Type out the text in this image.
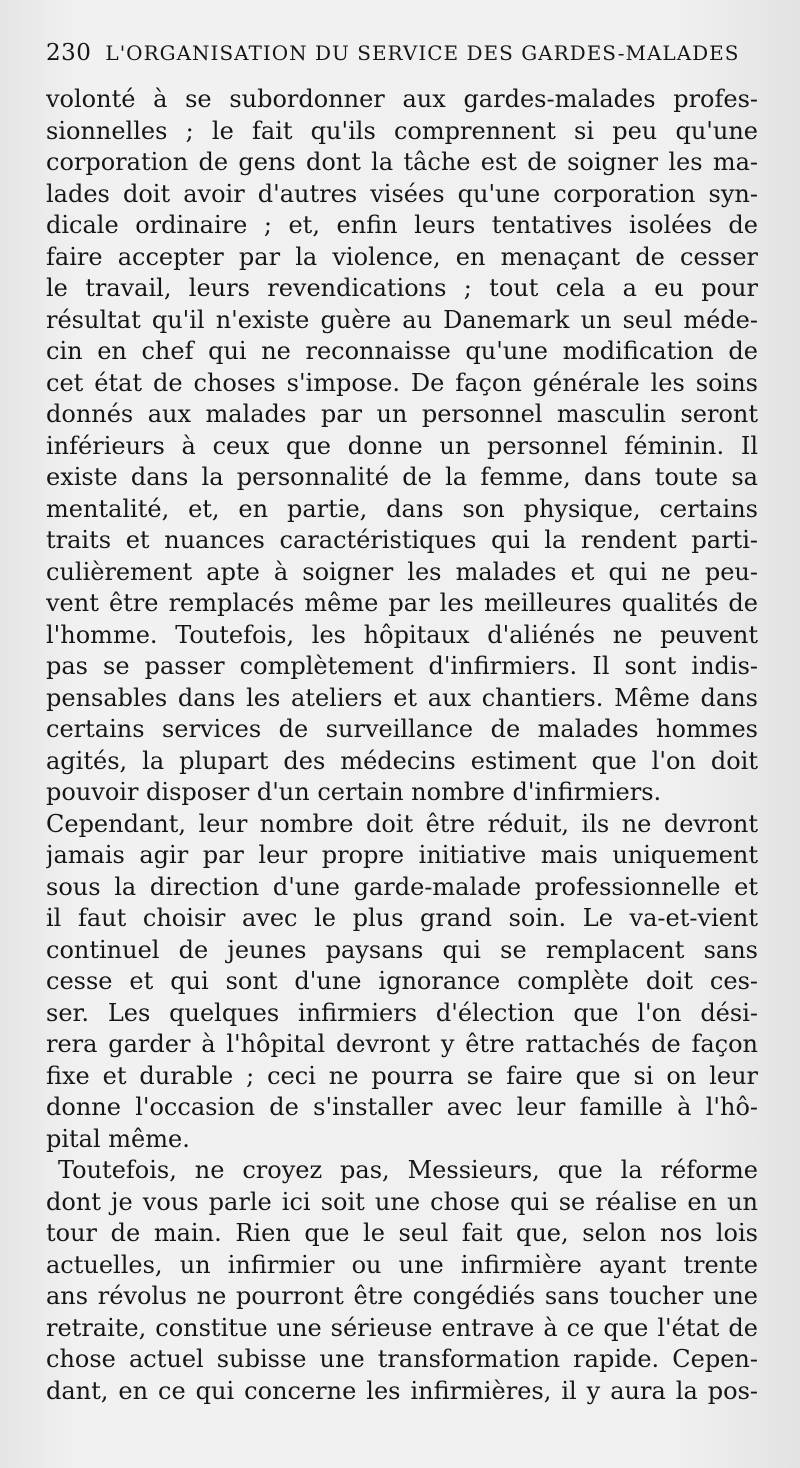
230 L'ORGANISATION DU SERVICE DES GARDES-MALADES
volonté à se subordonner aux gardes-malades profes-
sionnelles ; le fait qu'ils comprennent si peu qu'une
corporation de gens dont la tâche est de soigner les ma-
lades doit avoir d'autres visées qu'une corporation syn-
dicale ordinaire ; et, enfin leurs tentatives isolées de
faire accepter par la violence, en menaçant de cesser
le travail, leurs revendications ; tout cela a eu pour
résultat qu'il n'existe guère au Danemark un seul méde-
cin en chef qui ne reconnaisse qu'une modification de
cet état de choses s'impose. De façon générale les soins
donnés aux malades par un personnel masculin seront
inférieurs à ceux que donne un personnel féminin. Il
existe dans la personnalité de la femme, dans toute sa
mentalité, et, en partie, dans son physique, certains
traits et nuances caractéristiques qui la rendent parti-
culièrement apte à soigner les malades et qui ne peu-
vent être remplacés même par les meilleures qualités de
l'homme. Toutefois, les hôpitaux d'aliénés ne peuvent
pas se passer complètement d'infirmiers. Il sont indis-
pensables dans les ateliers et aux chantiers. Même dans
certains services de surveillance de malades hommes
agités, la plupart des médecins estiment que l'on doit
pouvoir disposer d'un certain nombre d'infirmiers.
Cependant, leur nombre doit être réduit, ils ne devront
jamais agir par leur propre initiative mais uniquement
sous la direction d'une garde-malade professionnelle et
il faut choisir avec le plus grand soin. Le va-et-vient
continuel de jeunes paysans qui se remplacent sans
cesse et qui sont d'une ignorance complète doit ces-
ser. Les quelques infirmiers d'élection que l'on dési-
rera garder à l'hôpital devront y être rattachés de façon
fixe et durable ; ceci ne pourra se faire que si on leur
donne l'occasion de s'installer avec leur famille à l'hô-
pital même.
Toutefois, ne croyez pas, Messieurs, que la réforme
dont je vous parle ici soit une chose qui se réalise en un
tour de main. Rien que le seul fait que, selon nos lois
actuelles, un infirmier ou une infirmière ayant trente
ans révolus ne pourront être congédiés sans toucher une
retraite, constitue une sérieuse entrave à ce que l'état de
chose actuel subisse une transformation rapide. Cepen-
dant, en ce qui concerne les infirmières, il y aura la pos-
